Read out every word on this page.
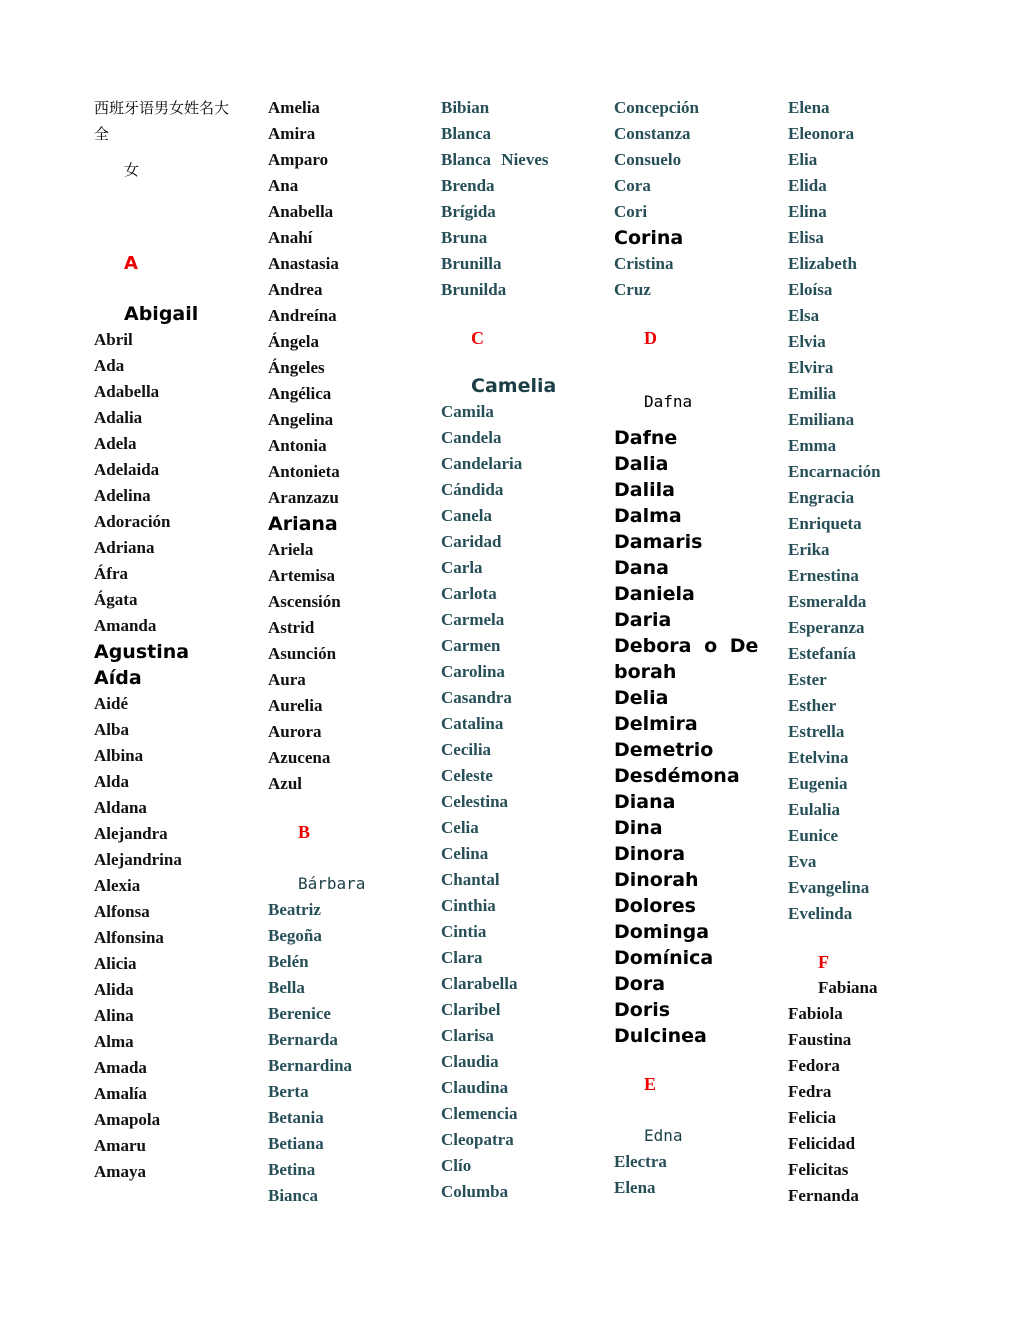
西班牙语男女姓名大
全
女
A
Abigail
Abril
Ada
Adabella
Adalia
Adela
Adelaida
Adelina
Adoración
Adriana
Áfra
Ágata
Amanda
Agustina
Aída
Aidé
Alba
Albina
Alda
Aldana
Alejandra
Alejandrina
Alexia
Alfonsa
Alfonsina
Alicia
Alida
Alina
Alma
Amada
Amalía
Amapola
Amaru
Amaya
Amelia
Amira
Amparo
Ana
Anabella
Anahí
Anastasia
Andrea
Andreína
Ángela
Ángeles
Angélica
Angelina
Antonia
Antonieta
Aranzazu
Ariana
Ariela
Artemisa
Ascensión
Astrid
Asunción
Aura
Aurelia
Aurora
Azucena
Azul
B
Bárbara
Beatriz
Begoña
Belén
Bella
Berenice
Bernarda
Bernardina
Berta
Betania
Betiana
Betina
Bianca
Bibian
Blanca
Blanca Nieves
Brenda
Brígida
Bruna
Brunilla
Brunilda
C
Camelia
Camila
Candela
Candelaria
Cándida
Canela
Caridad
Carla
Carlota
Carmela
Carmen
Carolina
Casandra
Catalina
Cecilia
Celeste
Celestina
Celia
Celina
Chantal
Cinthia
Cintia
Clara
Clarabella
Claribel
Clarisa
Claudia
Claudina
Clemencia
Cleopatra
Clío
Columba
Concepción
Constanza
Consuelo
Cora
Cori
Corina
Cristina
Cruz
D
Dafna
Dafne
Dalia
Dalila
Dalma
Damaris
Dana
Daniela
Daria
Debora o De
borah
Delia
Delmira
Demetrio
Desdémona
Diana
Dina
Dinora
Dinorah
Dolores
Dominga
Domínica
Dora
Doris
Dulcinea
E
Edna
Electra
Elena
Elena
Eleonora
Elia
Elida
Elina
Elisa
Elizabeth
Eloísa
Elsa
Elvia
Elvira
Emilia
Emiliana
Emma
Encarnación
Engracia
Enriqueta
Erika
Ernestina
Esmeralda
Esperanza
Estefanía
Ester
Esther
Estrella
Etelvina
Eugenia
Eulalia
Eunice
Eva
Evangelina
Evelinda
F
Fabiana
Fabiola
Faustina
Fedora
Fedra
Felicia
Felicidad
Felicitas
Fernanda
